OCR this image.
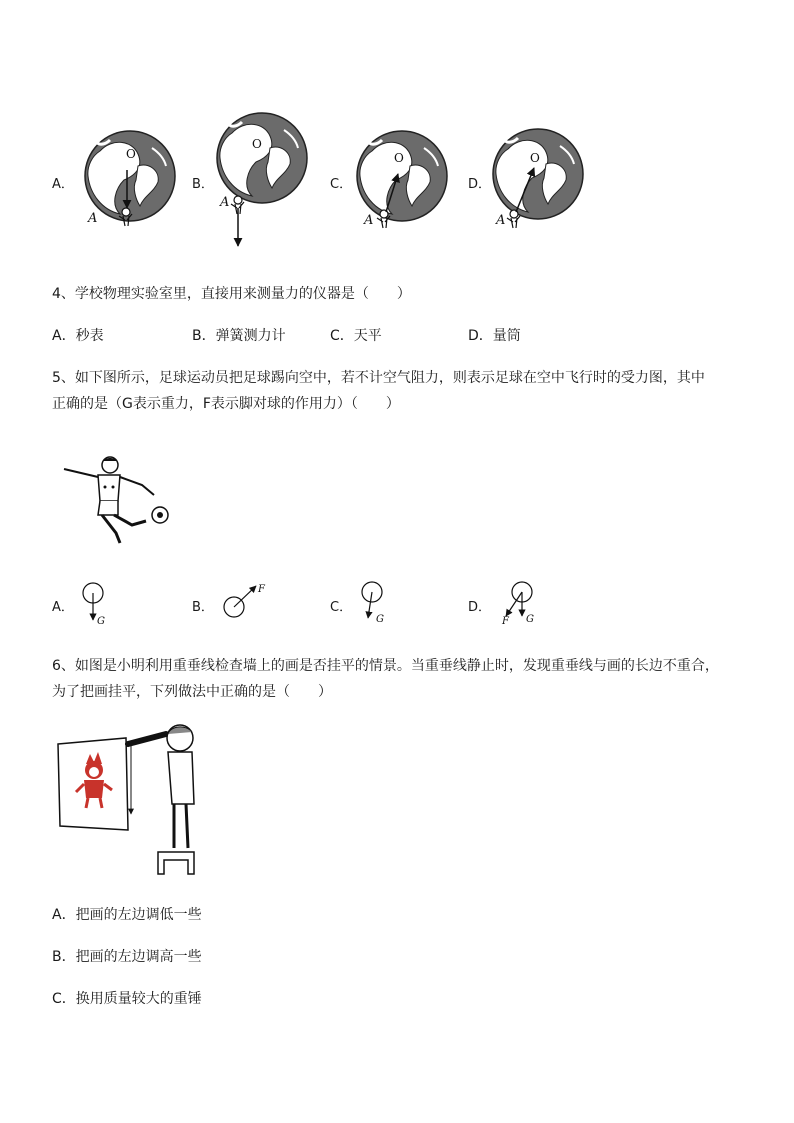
A．
O
A
B．
O
A
C．
O
A
D．
O
A
4、学校物理实验室里，直接用来测量力的仪器是（　　）
A．秒表	B．弹簧测力计	C．天平	D．量筒
5、如下图所示，足球运动员把足球踢向空中，若不计空气阻力，则表示足球在空中飞行时的受力图，其中
正确的是（G表示重力，F表示脚对球的作用力）（　　）
A．
G
B．
F
C．
G
D．
F G
6、如图是小明利用重垂线检查墙上的画是否挂平的情景。当重垂线静止时，发现重垂线与画的长边不重合，
为了把画挂平，下列做法中正确的是（　　）
A．把画的左边调低一些
B．把画的左边调高一些
C．换用质量较大的重锤
